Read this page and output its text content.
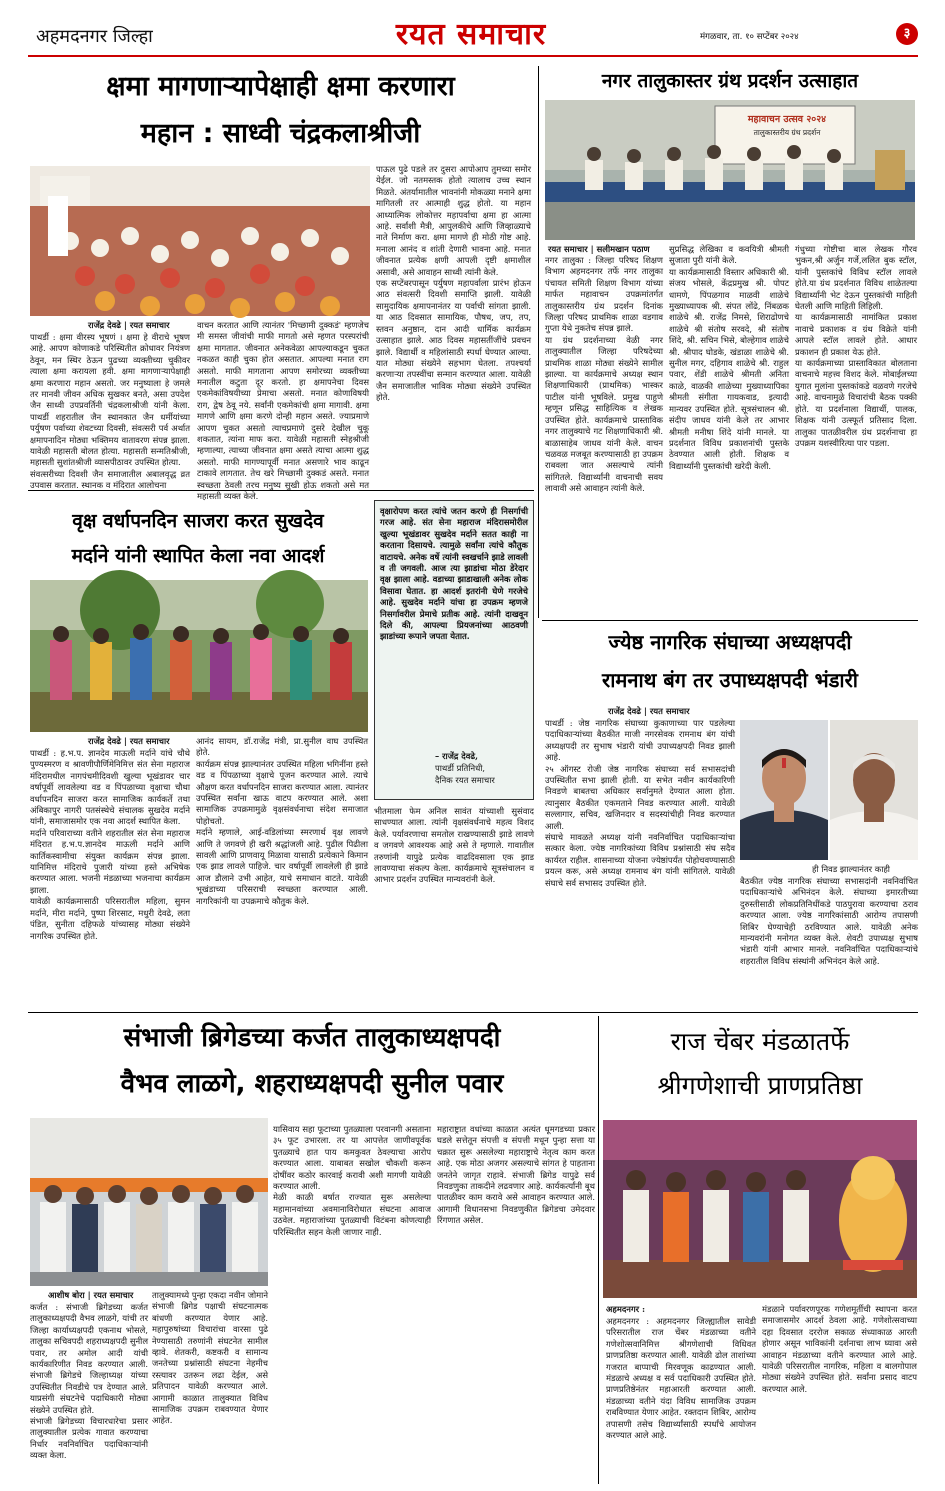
अहमदनगर जिल्हा	रयत समाचार	मंगळवार, ता. १० सप्टेंबर २०२४	३
क्षमा मागणाऱ्यापेक्षाही क्षमा करणारा
महान : साध्वी चंद्रकलाश्रीजी
राजेंद्र देवढे | रयत समाचार
पाथर्डी : क्षमा वीरस्य भूषणं । क्षमा हे वीराचे भूषण आहे. आपण कोणाकडे परिस्थितीत क्रोधावर नियंत्रण ठेवून, मन स्थिर ठेऊन पुढच्या व्यक्तीच्या चुकीवर त्याला क्षमा करायला हवी. क्षमा मागणाऱ्यापेक्षाही क्षमा करणारा महान असतो. जर मनुष्याला हे जमले तर मानवी जीवन अधिक सुखकर बनते, असा उपदेश जैन साध्वी उपप्रवर्तिनी चंद्रकलाश्रीजी यांनी केला. पाथर्डी शहरातील जैन स्थानकात जैन धर्मीयांच्या पर्युषण पर्वाच्या शेवटच्या दिवसी, संवत्सरी पर्व अर्थात क्षमापनादिन मोठ्या भक्तिमय वातावरण संपन्न झाला. यावेळी महासती बोलत होत्या. महासती सन्मतिश्रीजी, महासती सुशांतश्रीजी व्यासपीठावर उपस्थित होत्या.
संवत्सरीच्या दिवशी जैन समाजातील अबालवृद्ध व्रत उपवास करतात. स्थानक व मंदिरात आलोचना
वाचन करतात आणि त्यानंतर 'मिच्छामी दुक्कडं' म्हणजेच मी समस्त जीवांची माफी मागतो असे म्हणत परस्परांची क्षमा मागतात. जीवनात अनेकवेळा आपल्याकडून चुकत नकळत काही चुका होत असतात. आपल्या मनात राग असतो. माफी मागताना आपण समोरच्या व्यक्तीच्या मनातील कटुता दूर करतो. हा क्षमापनेचा दिवस एकमेकांविषयीच्या प्रेमाचा असतो. मनात कोणाविषयी राग, द्वेष ठेवू नये. सर्वांनी एकमेकांची क्षमा मागावी. क्षमा मागणे आणि क्षमा करणे दोन्ही महान असते. ज्याप्रमाणे आपण चुकत असतो त्याचप्रमाणे दुसरे देखील चुकू शकतात, त्यांना माफ करा. यावेळी महासती स्नेहश्रीजी म्हणाल्या, त्याच्या जीवनात क्षमा असते त्याचा आत्मा शुद्ध असतो. माफी मागण्यापूर्वी मनात असणारे भाव काढून टाकावे लागतात. तेच खरे मिच्छामी दुक्कडं असते. मनात स्वच्छता ठेवली तरच मनुष्य सुखी होऊ शकतो असे मत महासती व्यक्त केले.
पाऊल पुढे पडले तर दुसरा आपोआप तुमच्या समोर येईल. जो नतमस्तक होतो त्यालाच उच्च स्थान मिळते. अंतर्यामातील भावनांनी मोकळ्या मनाने क्षमा मागितली तर आत्माही शुद्ध होतो. या महान आध्यात्मिक लोकोत्तर महापर्वाचा क्षमा हा आत्मा आहे. सर्वांशी मैत्री, आपुलकीचे आणि जिव्हाळ्याचे नाते निर्माण करा. क्षमा मागणे ही मोठी गोष्ट आहे. मनाला आनंद व शांती देणारी भावना आहे. मनात जीवनात प्रत्येक क्षणी आपली दृष्टी क्षमाशील असावी, असे आवाहन साध्वी त्यांनी केले.
एक सप्टेंबरपासून पर्युषण महापर्वाला प्रारंभ होऊन आठ संवत्सरी दिवशी समाप्ति झाली. यावेळी सामुदायिक क्षमापनानंतर या पर्वाची सांगता झाली. या आठ दिवसात सामायिक, पौषध, जप, तप, स्तवन अनुष्ठान, दान आदी धार्मिक कार्यक्रम उत्साहात झाले. आठ दिवस महासतींजींचे प्रवचन झाले. विद्यार्थी व महिलांसाठी स्पर्धा घेण्यात आल्या. यात मोठ्या संख्येने सहभाग घेतला. तपश्चर्या करणाऱ्या तपस्वींचा सन्मान करण्यात आला. यावेळी जैन समाजातील भाविक मोठ्या संख्येने उपस्थित होते.
नगर तालुकास्तर ग्रंथ प्रदर्शन उत्साहात
महावाचन उत्सव २०२४
तालुकास्तरीय ग्रंथ प्रदर्शन
रयत समाचार | सलीमखान पठाण
नगर तालुका : जिल्हा परिषद शिक्षण विभाग अहमदनगर तर्फे नगर तालुका पंचायत समिती शिक्षण विभाग यांच्या मार्फत महावाचन उपक्रमांतर्गत तालुकास्तरीय ग्रंथ प्रदर्शन दिनांक जिल्हा परिषद प्राथमिक शाळा वडगाव गुप्ता येथे नुकतेच संपन्न झाले.
या ग्रंथ प्रदर्शनाच्या वेळी नगर तालुक्यातील जिल्हा परिषदेच्या प्राथमिक शाळा मोठ्या संख्येने सामील झाल्या. या कार्यक्रमाचे अध्यक्ष स्थान शिक्षणाधिकारी (प्राथमिक) भास्कर पाटील यांनी भूषविले. प्रमुख पाहुणे म्हणून प्रसिद्ध साहित्यिक व लेखक उपस्थित होते. कार्यक्रमाचे प्रास्ताविक नगर तालुक्याचे गट शिक्षणाधिकारी श्री. बाळासाहेब जाधव यांनी केले. वाचन चळवळ मजबूत करण्यासाठी हा उपक्रम राबवला जात असल्याचे त्यांनी सांगितले. विद्यार्थ्यांनी वाचनाची सवय लावावी असे आवाहन त्यांनी केले.
सुप्रसिद्ध लेखिका व कवयित्री श्रीमती सुजाता पुरी यांनी केले.
या कार्यक्रमासाठी विस्तार अधिकारी श्री. संजय भोसले, केंद्रप्रमुख श्री. पोपट धामणे, पिंपळगाव माळवी शाळेचे मुख्याध्यापक श्री. संपत लोंढे, निंबळक शाळेचे श्री. राजेंद्र निमसे, शिराढोणचे शाळेचे श्री संतोष सरवदे, श्री संतोष शिंदे, श्री. सचिन भिसे, बोल्हेगाव शाळेचे श्री. श्रीपाद घोडके, खंडाळा शाळेचे श्री. सुनील मगर, दहिगाव शाळेचे श्री. राहुल पवार, शेंडी शाळेचे श्रीमती अनिता काळे, वाळकी शाळेच्या मुख्याध्यापिका श्रीमती संगीता गायकवाड, इत्यादी मान्यवर उपस्थित होते. सूत्रसंचालन श्री. संदीप जाधव यांनी केले तर आभार श्रीमती मनीषा शिंदे यांनी मानले. या प्रदर्शनात विविध प्रकाशनांची पुस्तके ठेवण्यात आली होती. शिक्षक व विद्यार्थ्यांनी पुस्तकांची खरेदी केली.
गंधुच्या गोष्टीचा बाल लेखक गौरव भुकन,श्री अर्जुन गर्जे,ललित बुक स्टॉल, यांनी पुस्तकांचे विविध स्टॉल लावले होते.या ग्रंथ प्रदर्शनात विविध शाळेतल्या विद्यार्थ्यांनी भेट देऊन पुस्तकांची माहिती घेतली आणि माहिती लिहिली.
या कार्यक्रमासाठी नामांकित प्रकाश नावाचे प्रकाशक व ग्रंथ विक्रेते यांनी आपले स्टॉल लावले होते. आधार प्रकाशन ही प्रकाश येऊ होते.
या कार्यक्रमाच्या प्रास्ताविकात बोलताना वाचनाचे महत्त्व विशद केले. मोबाईलच्या युगात मुलांना पुस्तकांकडे वळवणे गरजेचे आहे. वाचनामुळे विचारांची बैठक पक्की होते. या प्रदर्शनाला विद्यार्थी, पालक, शिक्षक यांनी उत्स्फूर्त प्रतिसाद दिला. तालुका पातळीवरील ग्रंथ प्रदर्शनाचा हा उपक्रम यशस्वीरित्या पार पडला.
वृक्ष वर्धापनदिन साजरा करत सुखदेव
मर्दाने यांनी स्थापित केला नवा आदर्श
राजेंद्र देवढे | रयत समाचार
पाथर्डी : ह.भ.प. ज्ञानदेव माऊली मर्दाने यांचे चौथे पुण्यस्मरण व श्रावणीपौर्णिमेनिमित्त संत सेना महाराज मंदिरामधील नागपंचमीदिवशी खुल्या भूखंडावर चार वर्षापूर्वी लावलेल्या वड व पिंपळाच्या वृक्षाचा चौथा वर्धापनदिन साजरा करत सामाजिक कार्यकर्ते तथा अंबिकापुर नागरी पतसंस्थेचे संचालक सुखदेव मर्दाने यांनी, समाजासमोर एक नवा आदर्श स्थापित केला.
मर्दाने परिवाराच्या वतीने शहरातील संत सेना महाराज मंदिरात ह.भ.प.ज्ञानदेव माऊली मर्दाने आणि कार्तिकस्वामीचा संयुक्त कार्यक्रम संपन्न झाला. यानिमित्त मंदिराचे पुजारी यांच्या हस्ते अभिषेक करण्यात आला. भजनी मंडळाच्या भजनाचा कार्यक्रम झाला.
यावेळी कार्यक्रमासाठी परिसरातील महिला, सुमन मर्दाने, मीरा मर्दाने, पुष्पा शिरसाट, मधुरी देवढे, लता पंडित, सुनीता दहिफळे यांच्यासह मोठ्या संख्येने नागरिक उपस्थित होते.
आनंद सायम, डॉ.राजेंद्र मंत्री, प्रा.सुनील वाघ उपस्थित होते.
कार्यक्रम संपन्न झाल्यानंतर उपस्थित महिला भगिनींना हस्ते वड व पिंपळाच्या वृक्षाचे पूजन करण्यात आले. त्याचे औक्षण करत वर्धापनदिन साजरा करण्यात आला. त्यानंतर उपस्थित सर्वांना खाऊ वाटप करण्यात आले. अशा सामाजिक उपक्रमामुळे वृक्षसंवर्धनाचा संदेश समाजात पोहोचतो.
मर्दाने म्हणाले, आई-वडिलांच्या स्मरणार्थ वृक्ष लावणे आणि ते जगवणे ही खरी श्रद्धांजली आहे. पुढील पिढीला सावली आणि प्राणवायू मिळावा यासाठी प्रत्येकाने किमान एक झाड लावले पाहिजे. चार वर्षापूर्वी लावलेली ही झाडे आज डौलाने उभी आहेत, याचे समाधान वाटते. यावेळी भूखंडाच्या परिसराची स्वच्छता करण्यात आली. नागरिकांनी या उपक्रमाचे कौतुक केले.
वृक्षारोपण करत त्यांचे जतन करणे ही निसर्गाची गरज आहे. संत सेना महाराज मंदिरासमोरील खुल्या भूखंडावर सुखदेव मर्दाने सतत काही ना करताना दिसायचे. त्यामुळे सर्वांना त्यांचे कौतुक वाटायचे. अनेक वर्षे त्यांनी स्वखर्चाने झाडे लावली व ती जगवली. आज त्या झाडांचा मोठा डेरेदार वृक्ष झाला आहे. वडाच्या झाडाखाली अनेक लोक विसावा घेतात. हा आदर्श इतरांनी घेणे गरजेचे आहे. सुखदेव मर्दाने यांचा हा उपक्रम म्हणजे निसर्गावरील प्रेमाचे प्रतीक आहे. त्यांनी दाखवून दिले की, आपल्या प्रियजनांच्या आठवणी झाडांच्या रूपाने जपता येतात.
– राजेंद्र देवढे,
पाथर्डी प्रतिनिधी,
दैनिक रयत समाचार
भीतमाला फेम अनिल सावंत यांच्याशी सुसंवाद साधण्यात आला. त्यांनी वृक्षसंवर्धनाचे महत्व विशद केले. पर्यावरणाचा समतोल राखण्यासाठी झाडे लावणे व जगवणे आवश्यक आहे असे ते म्हणाले. गावातील तरुणांनी यापुढे प्रत्येक वाढदिवसाला एक झाड लावण्याचा संकल्प केला. कार्यक्रमाचे सूत्रसंचालन व आभार प्रदर्शन उपस्थित मान्यवरांनी केले.
ज्येष्ठ नागरिक संघाच्या अध्यक्षपदी
रामनाथ बंग तर उपाध्यक्षपदी भंडारी
राजेंद्र देवढे | रयत समाचार
पाथर्डी : जेष्ठ नागरिक संघाच्या कुकाणाच्या पार पडलेल्या पदाधिकाऱ्यांच्या बैठकीत माजी नगरसेवक रामनाथ बंग यांची अध्यक्षपदी तर सुभाष भंडारी यांची उपाध्यक्षपदी निवड झाली आहे.
२५ ऑगस्ट रोजी जेष्ठ नागरिक संघाच्या सर्व सभासदांची उपस्थितीत सभा झाली होती. या सभेत नवीन कार्यकारिणी निवडणे बाबतचा अधिकार सर्वानुमते देण्यात आला होता. त्यानुसार बैठकीत एकमताने निवड करण्यात आली. यावेळी सल्लागार, सचिव, खजिनदार व सदस्यांचीही निवड करण्यात आली.
संघाचे मावळते अध्यक्ष यांनी नवनिर्वाचित पदाधिकाऱ्यांचा सत्कार केला. ज्येष्ठ नागरिकांच्या विविध प्रश्नांसाठी संघ सदैव कार्यरत राहील. शासनाच्या योजना ज्येष्ठांपर्यंत पोहोचवण्यासाठी प्रयत्न करू, असे अध्यक्ष रामनाथ बंग यांनी सांगितले. यावेळी संघाचे सर्व सभासद उपस्थित होते.
ही निवड झाल्यानंतर काही
बैठकीत ज्येष्ठ नागरिक संघाच्या सभासदांनी नवनिर्वाचित पदाधिकाऱ्यांचे अभिनंदन केले. संघाच्या इमारतीच्या दुरुस्तीसाठी लोकप्रतिनिधींकडे पाठपुरावा करण्याचा ठराव करण्यात आला. ज्येष्ठ नागरिकांसाठी आरोग्य तपासणी शिबिर घेण्याचेही ठरविण्यात आले. यावेळी अनेक मान्यवरांनी मनोगत व्यक्त केले. शेवटी उपाध्यक्ष सुभाष भंडारी यांनी आभार मानले. नवनिर्वाचित पदाधिकाऱ्यांचे शहरातील विविध संस्थांनी अभिनंदन केले आहे.
संभाजी ब्रिगेडच्या कर्जत तालुकाध्यक्षपदी
वैभव लाळगे, शहराध्यक्षपदी सुनील पवार
आशीष बोरा | रयत समाचार
कर्जत : संभाजी ब्रिगेडच्या कर्जत तालुकाध्यक्षपदी वैभव लाळगे, यांची तर जिल्हा कार्याध्यक्षपदी एकनाथ भोसले, तालुका सचिवपदी शहराध्यक्षपदी सुनील पवार, तर अमोल आदी यांची कार्यकारिणीत निवड करण्यात आली. संभाजी ब्रिगेडचे जिल्हाध्यक्ष यांच्या उपस्थितीत निवडीचे पत्र देण्यात आले. याप्रसंगी संघटनेचे पदाधिकारी मोठ्या संख्येने उपस्थित होते.
संभाजी ब्रिगेडच्या विचारधारेचा प्रसार तालुक्यातील प्रत्येक गावात करण्याचा निर्धार नवनिर्वाचित पदाधिकाऱ्यांनी व्यक्त केला.
तालुक्यामध्ये पुन्हा एकदा नवीन जोमाने संभाजी ब्रिगेड पक्षाची संघटनात्मक बांधणी करण्यात येणार आहे. महापुरुषांच्या विचारांचा वारसा पुढे नेण्यासाठी तरुणांनी संघटनेत सामील व्हावे. शेतकरी, कष्टकरी व सामान्य जनतेच्या प्रश्नांसाठी संघटना नेहमीच रस्त्यावर उतरून लढा देईल, असे प्रतिपादन यावेळी करण्यात आले. आगामी काळात तालुक्यात विविध सामाजिक उपक्रम राबवण्यात येणार आहेत.
यासिवाय सहा फूटाच्या पुतळ्याला परवानगी असताना ३५ फूट उभारला. तर या आपत्तेत जाणीवपूर्वक पुतळ्याचे हात पाय कमकुवत ठेवल्याचा आरोप करण्यात आला. याबाबत सखोल चौकशी करून दोषींवर कठोर कारवाई करावी अशी मागणी यावेळी करण्यात आली.
मेळी काळी बर्षात राज्यात सुरू असलेल्या महामानवांच्या अवमानाविरोधात संघटना आवाज उठवेल. महाराजांच्या पुतळ्याची विटंबना कोणत्याही परिस्थितीत सहन केली जाणार नाही.
महाराष्ट्रात वधांच्या काळात अत्यंत धूमगडच्या प्रकार घडले सत्तेतून संपत्ती व संपत्ती मधून पुन्हा सत्ता या चक्रात सुरू असलेल्या महाराष्ट्राचे नेतृत्व काम करत आहे. एक मोठा अजगर असल्याचे सांगत हे पाहताना जनतेने जागृत राहावे. संभाजी ब्रिगेड यापुढे सर्व निवडणुका ताकदीने लढवणार आहे. कार्यकर्त्यांनी बूथ पातळीवर काम करावे असे आवाहन करण्यात आले. आगामी विधानसभा निवडणुकीत ब्रिगेडचा उमेदवार रिंगणात असेल.
राज चेंबर मंडळातर्फे
श्रीगणेशाची प्राणप्रतिष्ठा
अहमदनगर :
अहमदनगर : अहमदनगर जिल्ह्यातील सावेडी परिसरातील राज चेंबर मंडळाच्या वतीने गणेशोत्सवानिमित्त श्रीगणेशाची विधिवत प्राणप्रतिष्ठा करण्यात आली. यावेळी ढोल ताशांच्या गजरात बाप्पाची मिरवणूक काढण्यात आली. मंडळाचे अध्यक्ष व सर्व पदाधिकारी उपस्थित होते. प्राणप्रतिष्ठेनंतर महाआरती करण्यात आली. मंडळाच्या वतीने यंदा विविध सामाजिक उपक्रम राबविण्यात येणार आहेत. रक्तदान शिबिर, आरोग्य तपासणी तसेच विद्यार्थ्यांसाठी स्पर्धांचे आयोजन करण्यात आले आहे.
मंडळाने पर्यावरणपूरक गणेशमूर्तीची स्थापना करत समाजासमोर आदर्श ठेवला आहे. गणेशोत्सवाच्या दहा दिवसात दररोज सकाळ संध्याकाळ आरती होणार असून भाविकांनी दर्शनाचा लाभ घ्यावा असे आवाहन मंडळाच्या वतीने करण्यात आले आहे. यावेळी परिसरातील नागरिक, महिला व बालगोपाल मोठ्या संख्येने उपस्थित होते. सर्वांना प्रसाद वाटप करण्यात आले.
